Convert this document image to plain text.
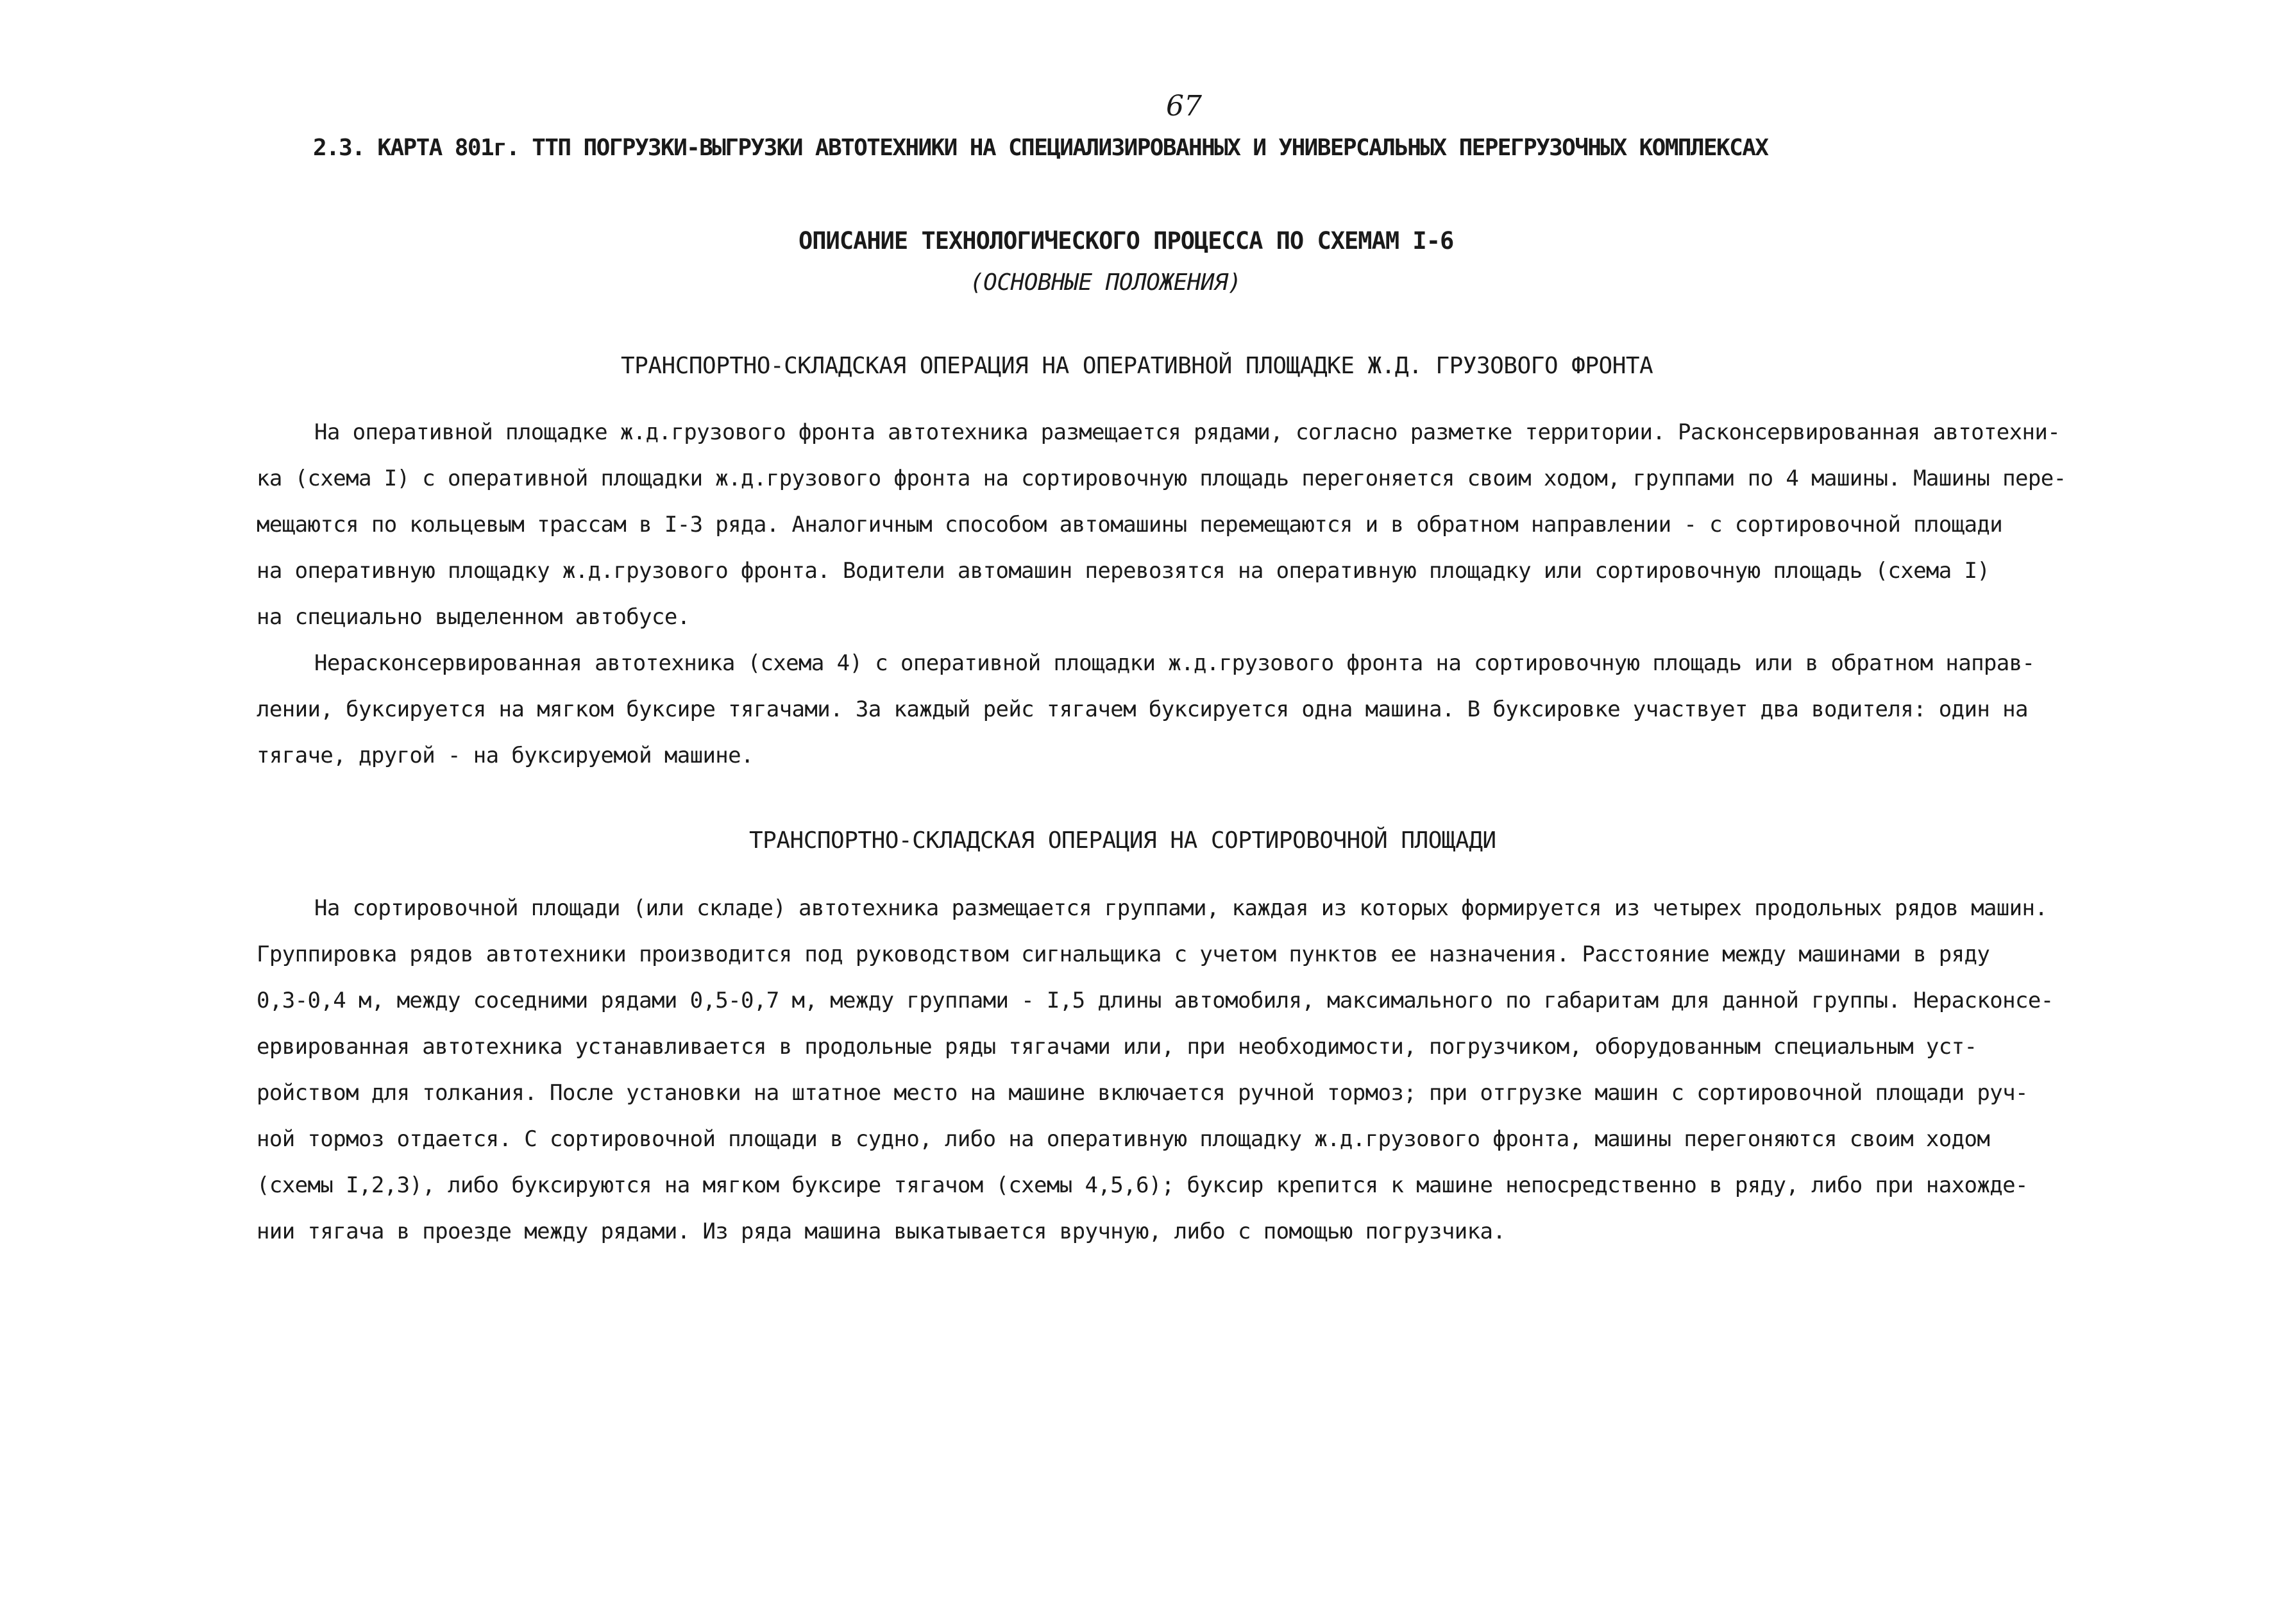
67
2.3. КАРТА 801г. ТТП ПОГРУЗКИ-ВЫГРУЗКИ АВТОТЕХНИКИ НА СПЕЦИАЛИЗИРОВАННЫХ И УНИВЕРСАЛЬНЫХ ПЕРЕГРУЗОЧНЫХ КОМПЛЕКСАХ
ОПИСАНИЕ ТЕХНОЛОГИЧЕСКОГО ПРОЦЕССА ПО СХЕМАМ I-6
(ОСНОВНЫЕ ПОЛОЖЕНИЯ)
ТРАНСПОРТНО-СКЛАДСКАЯ ОПЕРАЦИЯ НА ОПЕРАТИВНОЙ ПЛОЩАДКЕ Ж.Д. ГРУЗОВОГО ФРОНТА
На оперативной площадке ж.д.грузового фронта автотехника размещается рядами, согласно разметке территории. Расконсервированная автотехни-
ка (схема I) с оперативной площадки ж.д.грузового фронта на сортировочную площадь перегоняется своим ходом, группами по 4 машины. Машины пере-
мещаются по кольцевым трассам в I-3 ряда. Аналогичным способом автомашины перемещаются и в обратном направлении - с сортировочной площади
на оперативную площадку ж.д.грузового фронта. Водители автомашин перевозятся на оперативную площадку или сортировочную площадь (схема I)
на специально выделенном автобусе.
Нерасконсервированная автотехника (схема 4) с оперативной площадки ж.д.грузового фронта на сортировочную площадь или в обратном направ-
лении, буксируется на мягком буксире тягачами. За каждый рейс тягачем буксируется одна машина. В буксировке участвует два водителя: один на
тягаче, другой - на буксируемой машине.
ТРАНСПОРТНО-СКЛАДСКАЯ ОПЕРАЦИЯ НА СОРТИРОВОЧНОЙ ПЛОЩАДИ
На сортировочной площади (или складе) автотехника размещается группами, каждая из которых формируется из четырех продольных рядов машин.
Группировка рядов автотехники производится под руководством сигнальщика с учетом пунктов ее назначения. Расстояние между машинами в ряду
0,3-0,4 м, между соседними рядами 0,5-0,7 м, между группами - I,5 длины автомобиля, максимального по габаритам для данной группы. Нерасконсе-
ервированная автотехника устанавливается в продольные ряды тягачами или, при необходимости, погрузчиком, оборудованным специальным уст-
ройством для толкания. После установки на штатное место на машине включается ручной тормоз; при отгрузке машин с сортировочной площади руч-
ной тормоз отдается. С сортировочной площади в судно, либо на оперативную площадку ж.д.грузового фронта, машины перегоняются своим ходом
(схемы I,2,3), либо буксируются на мягком буксире тягачом (схемы 4,5,6); буксир крепится к машине непосредственно в ряду, либо при нахожде-
нии тягача в проезде между рядами. Из ряда машина выкатывается вручную, либо с помощью погрузчика.
